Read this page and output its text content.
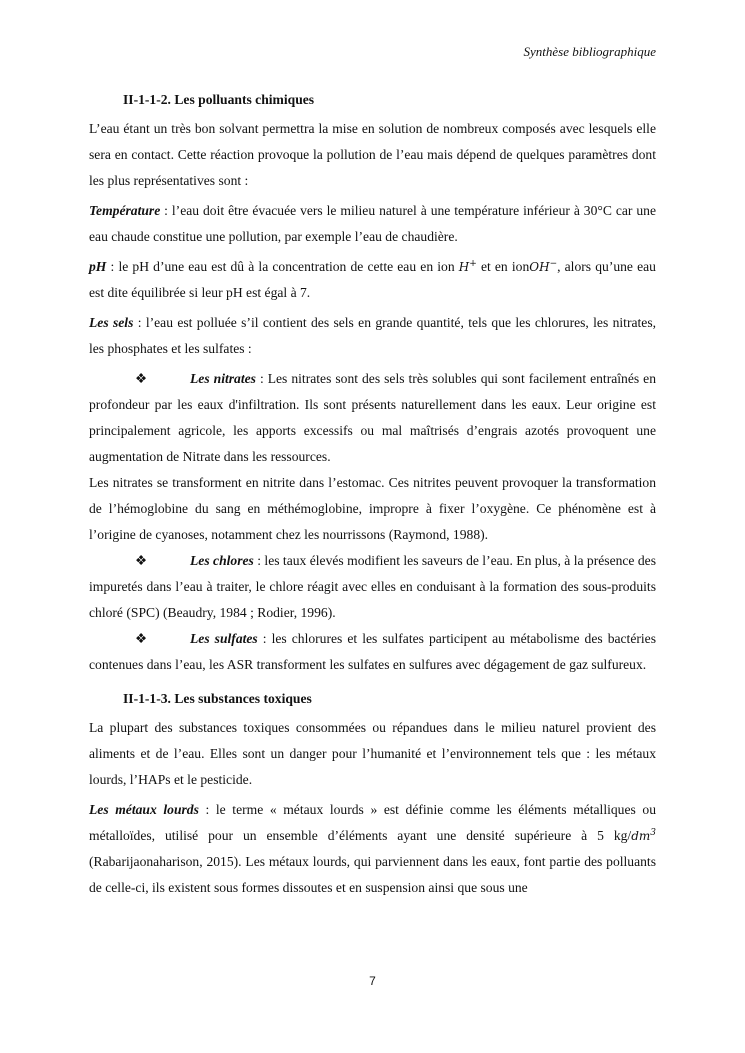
Synthèse bibliographique
II-1-1-2. Les polluants chimiques

L’eau étant un très bon solvant permettra la mise en solution de nombreux composés avec lesquels elle sera en contact. Cette réaction provoque la pollution de l’eau mais dépend de quelques paramètres dont les plus représentatives sont :

Température : l’eau doit être évacuée vers le milieu naturel à une température inférieur à 30°C car une eau chaude constitue une pollution, par exemple l’eau de chaudière.

pH : le pH d’une eau est dû à la concentration de cette eau en ion H+ et en ionOH−, alors qu’une eau est dite équilibrée si leur pH est égal à 7.

Les sels : l’eau est polluée s’il contient des sels en grande quantité, tels que les chlorures, les nitrates, les phosphates et les sulfates :

❖	Les nitrates : Les nitrates sont des sels très solubles qui sont facilement entraînés en profondeur par les eaux d'infiltration. Ils sont présents naturellement dans les eaux. Leur origine est principalement agricole, les apports excessifs ou mal maîtrisés d’engrais azotés provoquent une augmentation de Nitrate dans les ressources.

Les nitrates se transforment en nitrite dans l’estomac. Ces nitrites peuvent provoquer la transformation de l’hémoglobine du sang en méthémoglobine, impropre à fixer l’oxygène. Ce phénomène est à l’origine de cyanoses, notamment chez les nourrissons (Raymond, 1988).

❖	Les chlores : les taux élevés modifient les saveurs de l’eau. En plus, à la présence des impuretés dans l’eau à traiter, le chlore réagit avec elles en conduisant à la formation des sous-produits chloré (SPC) (Beaudry, 1984 ; Rodier, 1996).

❖	Les sulfates : les chlorures et les sulfates participent au métabolisme des bactéries contenues dans l’eau, les ASR transforment les sulfates en sulfures avec dégagement de gaz sulfureux.

II-1-1-3. Les substances toxiques

La plupart des substances toxiques consommées ou répandues dans le milieu naturel provient des aliments et de l’eau. Elles sont un danger pour l’humanité et l’environnement tels que : les métaux lourds, l’HAPs et le pesticide.

Les métaux lourds : le terme « métaux lourds » est définie comme les éléments métalliques ou métalloïdes, utilisé pour un ensemble d’éléments ayant une densité supérieure à 5 $kg/dm^3$ (Rabarijaonaharison, 2015). Les métaux lourds, qui parviennent dans les eaux, font partie des polluants de celle-ci, ils existent sous formes dissoutes et en suspension ainsi que sous une

7
